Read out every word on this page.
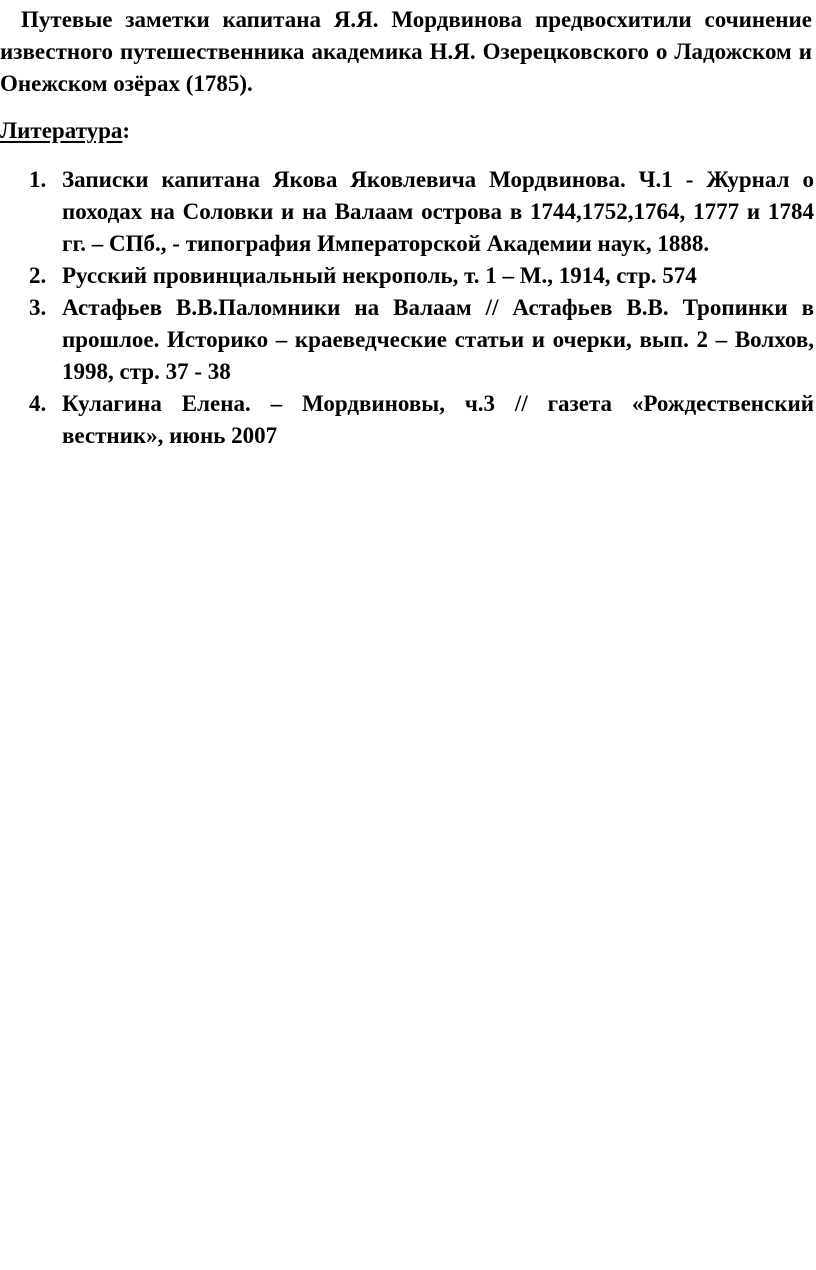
Путевые заметки капитана Я.Я. Мордвинова предвосхитили сочинение известного путешественника академика Н.Я. Озерецковского о Ладожском и Онежском озёрах (1785).

Литература:

1. Записки капитана Якова Яковлевича Мордвинова. Ч.1 - Журнал о походах на Соловки и на Валаам острова в 1744,1752,1764, 1777 и 1784 гг. – СПб., - типография Императорской Академии наук, 1888.
2. Русский провинциальный некрополь, т. 1 – М., 1914, стр. 574
3. Астафьев В.В.Паломники на Валаам // Астафьев В.В. Тропинки в прошлое. Историко – краеведческие статьи и очерки, вып. 2 – Волхов, 1998, стр. 37 - 38
4. Кулагина Елена. – Мордвиновы, ч.3 // газета «Рождественский вестник», июнь 2007
